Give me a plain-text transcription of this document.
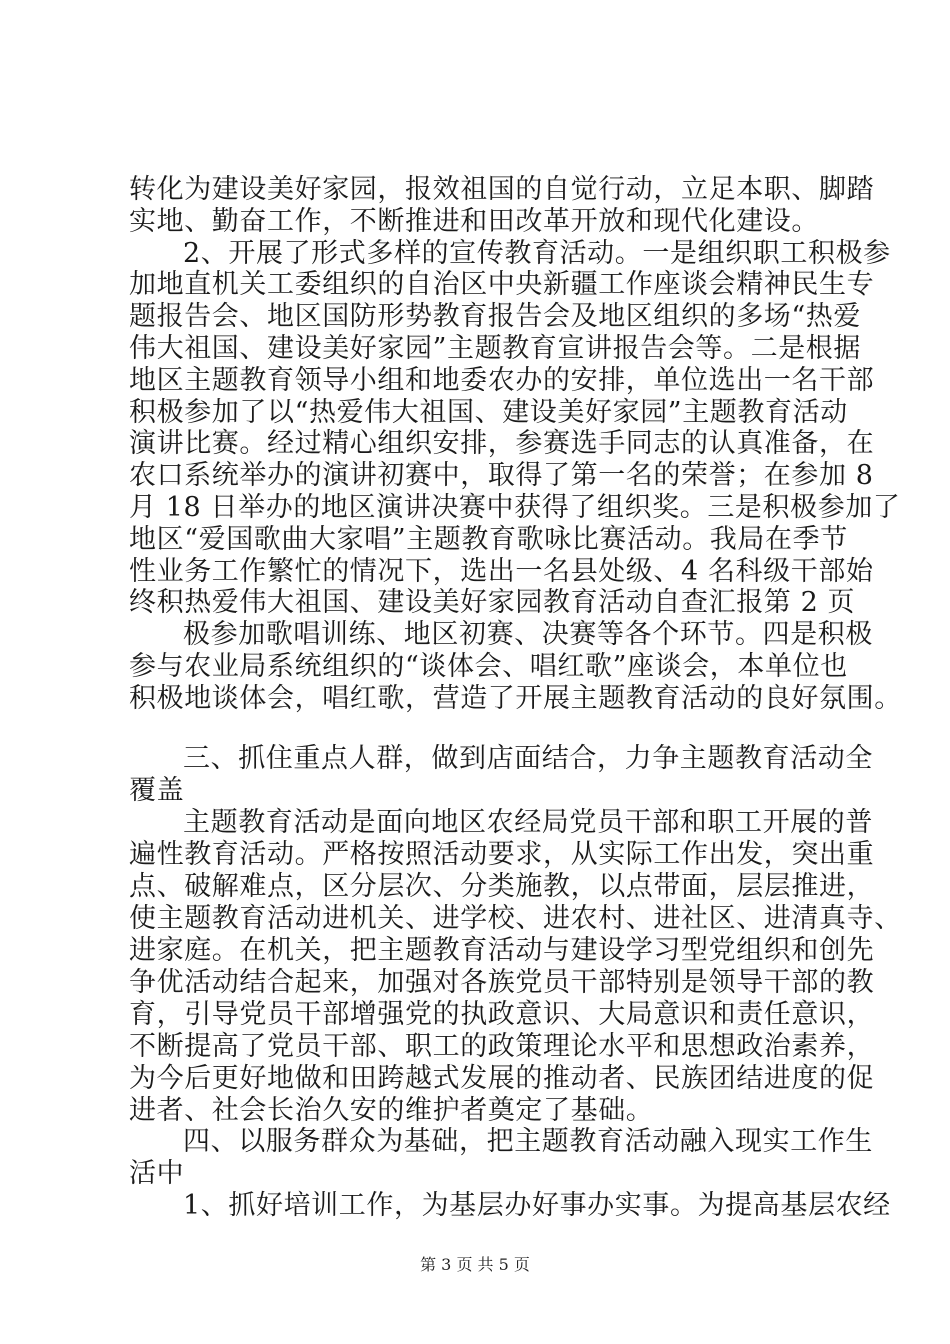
转化为建设美好家园，报效祖国的自觉行动，立足本职、脚踏
实地、勤奋工作，不断推进和田改革开放和现代化建设。
2、开展了形式多样的宣传教育活动。一是组织职工积极参
加地直机关工委组织的自治区中央新疆工作座谈会精神民生专
题报告会、地区国防形势教育报告会及地区组织的多场“热爱
伟大祖国、建设美好家园”主题教育宣讲报告会等。二是根据
地区主题教育领导小组和地委农办的安排，单位选出一名干部
积极参加了以“热爱伟大祖国、建设美好家园”主题教育活动
演讲比赛。经过精心组织安排，参赛选手同志的认真准备，在
农口系统举办的演讲初赛中，取得了第一名的荣誉；在参加 8
月 18 日举办的地区演讲决赛中获得了组织奖。三是积极参加了
地区“爱国歌曲大家唱”主题教育歌咏比赛活动。我局在季节
性业务工作繁忙的情况下，选出一名县处级、4 名科级干部始
终积热爱伟大祖国、建设美好家园教育活动自查汇报第 2 页
极参加歌唱训练、地区初赛、决赛等各个环节。四是积极
参与农业局系统组织的“谈体会、唱红歌”座谈会，本单位也
积极地谈体会，唱红歌，营造了开展主题教育活动的良好氛围。
三、抓住重点人群，做到店面结合，力争主题教育活动全
覆盖
主题教育活动是面向地区农经局党员干部和职工开展的普
遍性教育活动。严格按照活动要求，从实际工作出发，突出重
点、破解难点，区分层次、分类施教，以点带面，层层推进，
使主题教育活动进机关、进学校、进农村、进社区、进清真寺、
进家庭。在机关，把主题教育活动与建设学习型党组织和创先
争优活动结合起来，加强对各族党员干部特别是领导干部的教
育，引导党员干部增强党的执政意识、大局意识和责任意识，
不断提高了党员干部、职工的政策理论水平和思想政治素养，
为今后更好地做和田跨越式发展的推动者、民族团结进度的促
进者、社会长治久安的维护者奠定了基础。
四、以服务群众为基础，把主题教育活动融入现实工作生
活中
1、抓好培训工作，为基层办好事办实事。为提高基层农经
第 3 页 共 5 页
